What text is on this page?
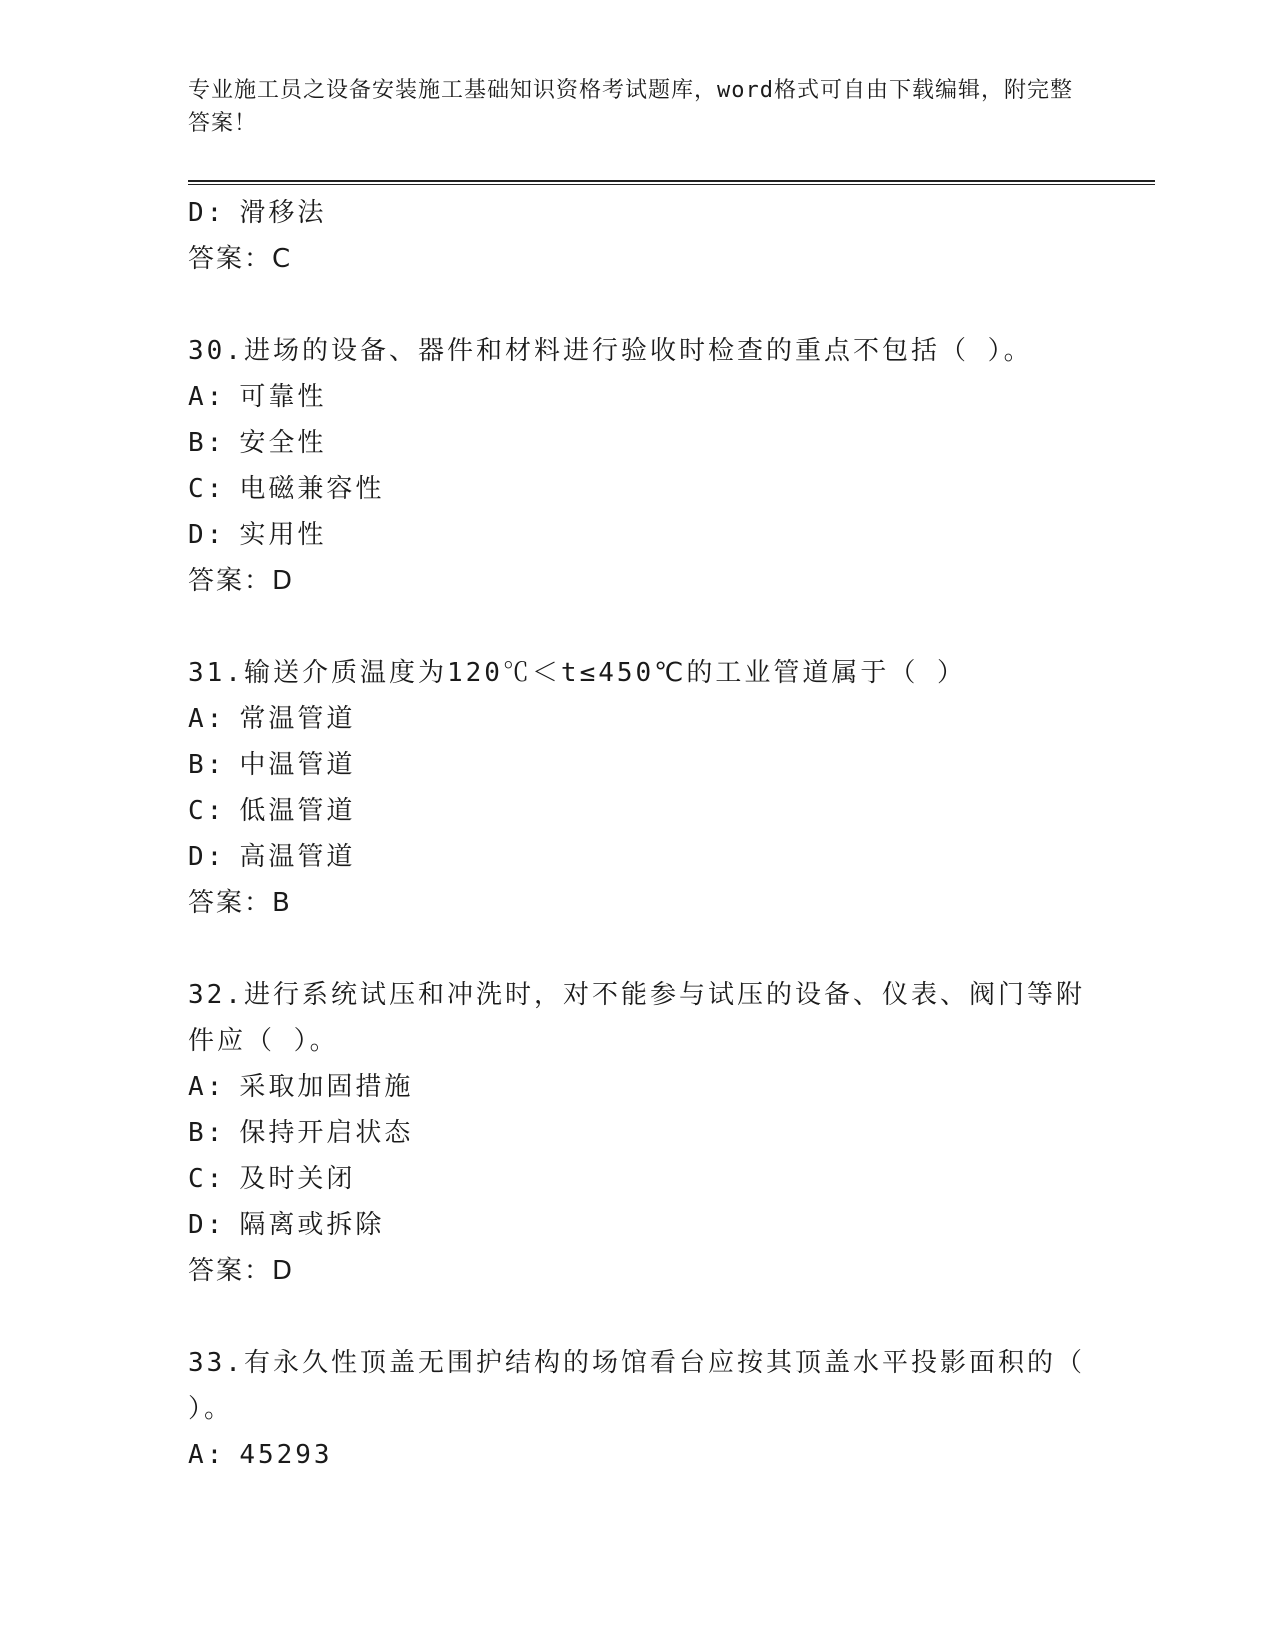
专业施工员之设备安装施工基础知识资格考试题库，word格式可自由下载编辑，附完整答案！
D: 滑移法
答案：C
30.进场的设备、器件和材料进行验收时检查的重点不包括（ ）。
A: 可靠性
B: 安全性
C: 电磁兼容性
D: 实用性
答案：D
31.输送介质温度为120℃＜t≤450℃的工业管道属于（ ）
A: 常温管道
B: 中温管道
C: 低温管道
D: 高温管道
答案：B
32.进行系统试压和冲洗时，对不能参与试压的设备、仪表、阀门等附件应（ ）。
A: 采取加固措施
B: 保持开启状态
C: 及时关闭
D: 隔离或拆除
答案：D
33.有永久性顶盖无围护结构的场馆看台应按其顶盖水平投影面积的（ ）。
A: 45293
